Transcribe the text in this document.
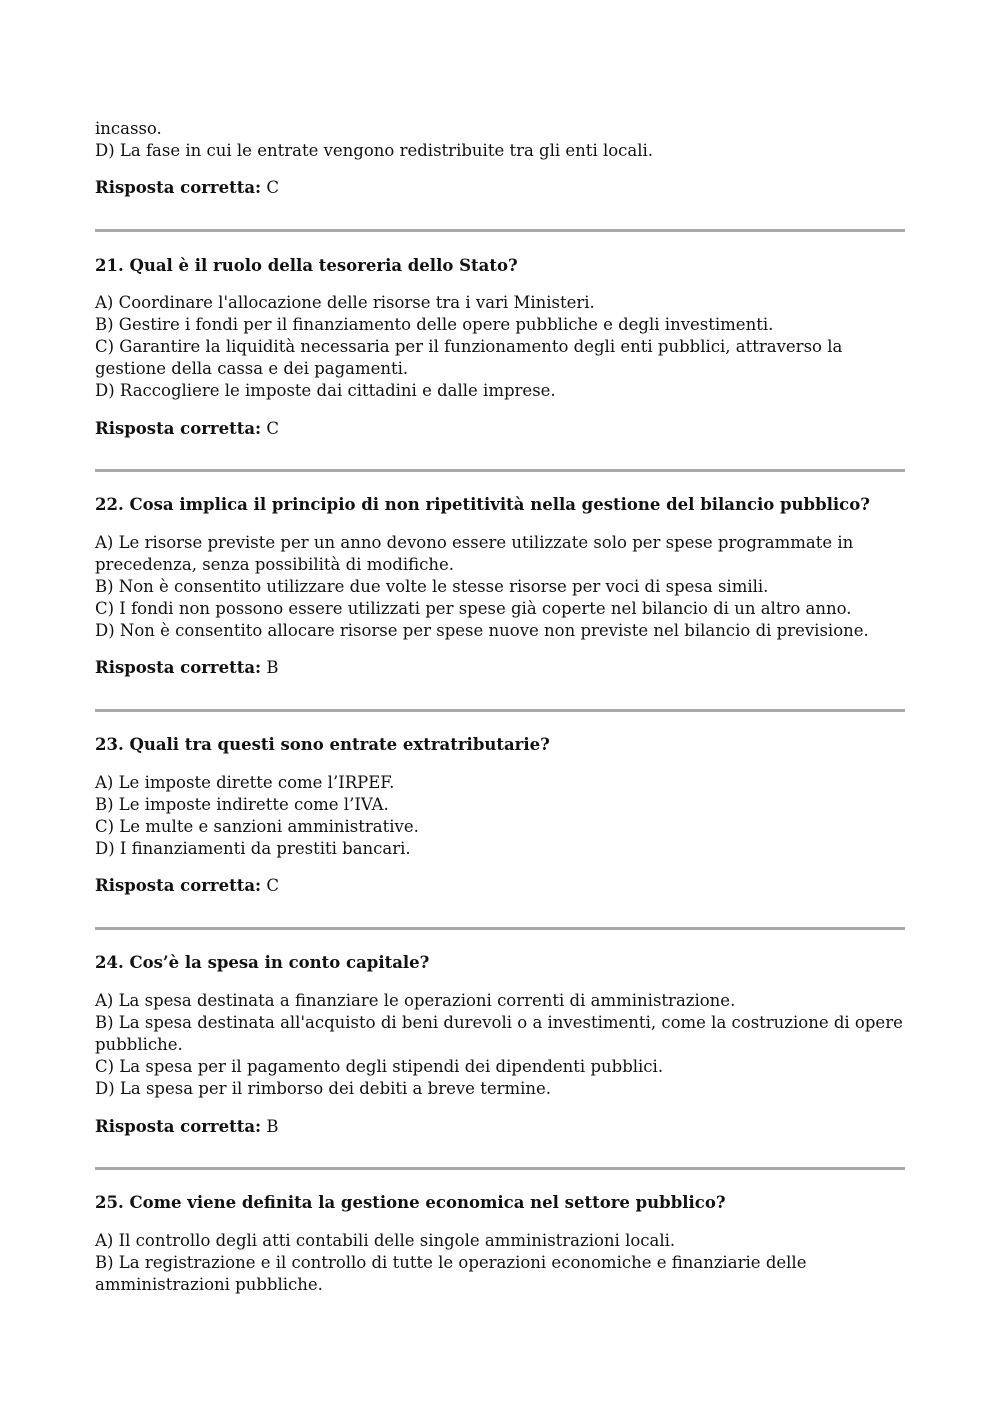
incasso.

D) La fase in cui le entrate vengono redistribuite tra gli enti locali.

Risposta corretta: C

21. Qual è il ruolo della tesoreria dello Stato?

A) Coordinare l'allocazione delle risorse tra i vari Ministeri.

B) Gestire i fondi per il finanziamento delle opere pubbliche e degli investimenti.

C) Garantire la liquidità necessaria per il funzionamento degli enti pubblici, attraverso la gestione della cassa e dei pagamenti.

D) Raccogliere le imposte dai cittadini e dalle imprese.

Risposta corretta: C

22. Cosa implica il principio di non ripetitività nella gestione del bilancio pubblico?

A) Le risorse previste per un anno devono essere utilizzate solo per spese programmate in precedenza, senza possibilità di modifiche.

B) Non è consentito utilizzare due volte le stesse risorse per voci di spesa simili.

C) I fondi non possono essere utilizzati per spese già coperte nel bilancio di un altro anno.

D) Non è consentito allocare risorse per spese nuove non previste nel bilancio di previsione.

Risposta corretta: B

23. Quali tra questi sono entrate extratributarie?

A) Le imposte dirette come l’IRPEF.

B) Le imposte indirette come l’IVA.

C) Le multe e sanzioni amministrative.

D) I finanziamenti da prestiti bancari.

Risposta corretta: C

24. Cos’è la spesa in conto capitale?

A) La spesa destinata a finanziare le operazioni correnti di amministrazione.

B) La spesa destinata all'acquisto di beni durevoli o a investimenti, come la costruzione di opere pubbliche.

C) La spesa per il pagamento degli stipendi dei dipendenti pubblici.

D) La spesa per il rimborso dei debiti a breve termine.

Risposta corretta: B

25. Come viene definita la gestione economica nel settore pubblico?

A) Il controllo degli atti contabili delle singole amministrazioni locali.

B) La registrazione e il controllo di tutte le operazioni economiche e finanziarie delle amministrazioni pubbliche.
